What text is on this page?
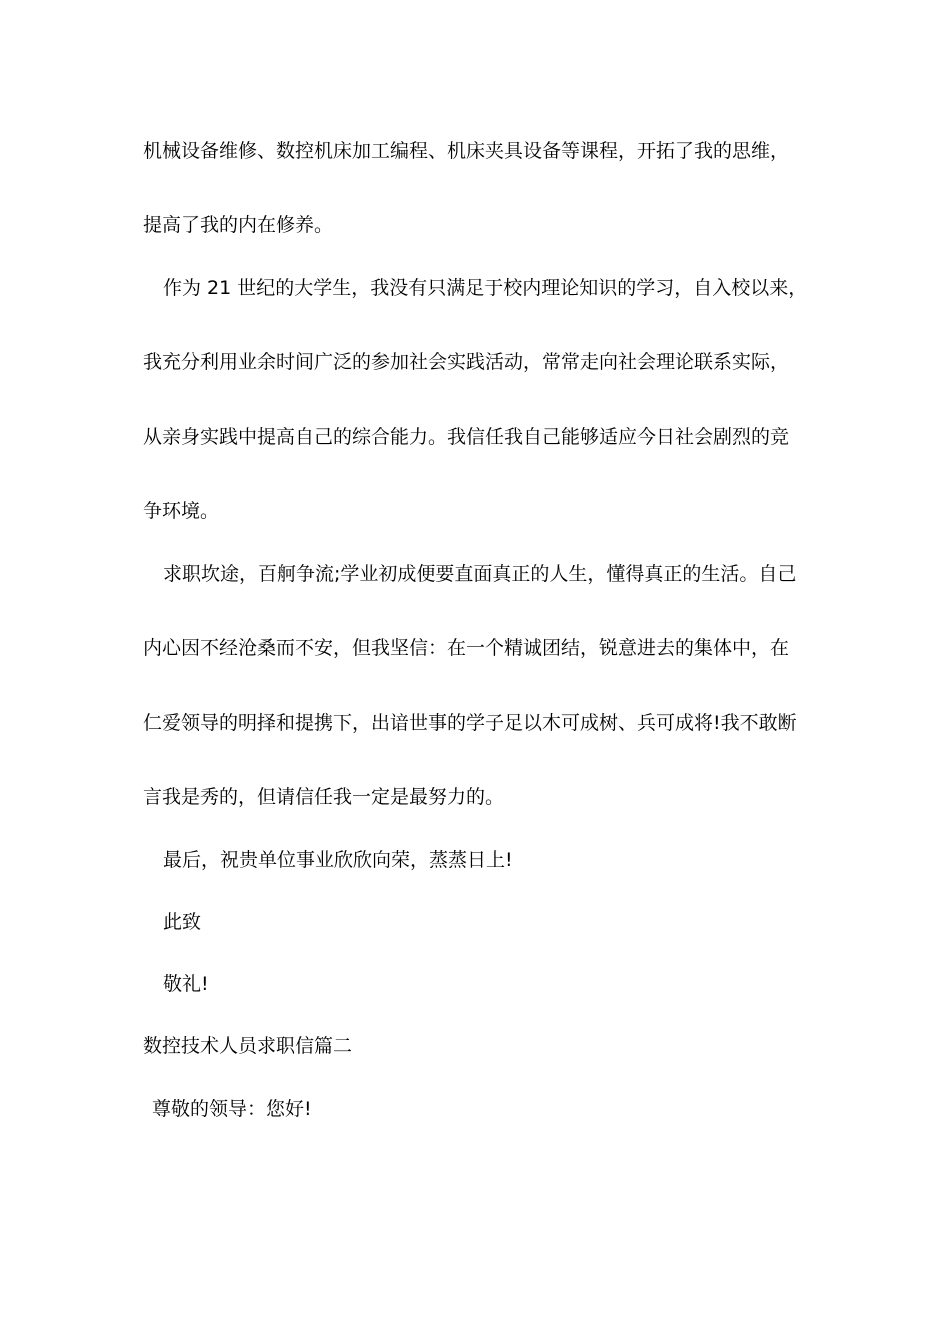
机械设备维修、数控机床加工编程、机床夹具设备等课程，开拓了我的思维，
提高了我的内在修养。
作为 21 世纪的大学生，我没有只满足于校内理论知识的学习，自入校以来，
我充分利用业余时间广泛的参加社会实践活动，常常走向社会理论联系实际，
从亲身实践中提高自己的综合能力。我信任我自己能够适应今日社会剧烈的竞
争环境。
求职坎途，百舸争流;学业初成便要直面真正的人生，懂得真正的生活。自己
内心因不经沧桑而不安，但我坚信：在一个精诚团结，锐意进去的集体中，在
仁爱领导的明择和提携下，出谙世事的学子足以木可成树、兵可成将!我不敢断
言我是秀的，但请信任我一定是最努力的。
最后，祝贵单位事业欣欣向荣，蒸蒸日上!
此致
敬礼!
数控技术人员求职信篇二
尊敬的领导：您好!
